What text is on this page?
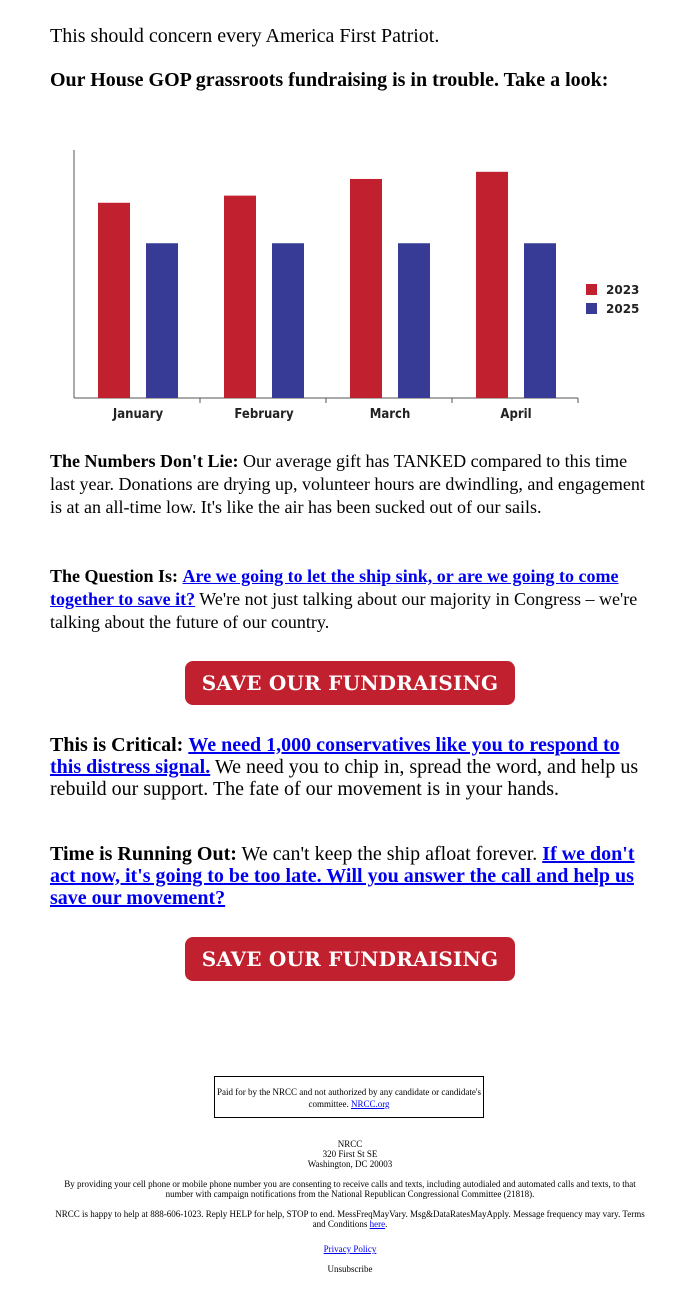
This should concern every America First Patriot.
Our House GOP grassroots fundraising is in trouble. Take a look:
January	February	March	April
2023
2025
The Numbers Don't Lie: Our average gift has TANKED compared to this time last year. Donations are drying up, volunteer hours are dwindling, and engagement is at an all-time low. It's like the air has been sucked out of our sails.
The Question Is: Are we going to let the ship sink, or are we going to come together to save it? We're not just talking about our majority in Congress – we're talking about the future of our country.
SAVE OUR FUNDRAISING >>
This is Critical: We need 1,000 conservatives like you to respond to this distress signal. We need you to chip in, spread the word, and help us rebuild our support. The fate of our movement is in your hands.
Time is Running Out: We can't keep the ship afloat forever. If we don't act now, it's going to be too late. Will you answer the call and help us save our movement?
SAVE OUR FUNDRAISING >>
Paid for by the NRCC and not authorized by any candidate or candidate's committee. NRCC.org
NRCC
320 First St SE
Washington, DC 20003
By providing your cell phone or mobile phone number you are consenting to receive calls and texts, including autodialed and automated calls and texts, to that number with campaign notifications from the National Republican Congressional Committee (21818).
NRCC is happy to help at 888-606-1023. Reply HELP for help, STOP to end. MessFreqMayVary. Msg&DataRatesMayApply. Message frequency may vary. Terms and Conditions here.
Privacy Policy
Unsubscribe
